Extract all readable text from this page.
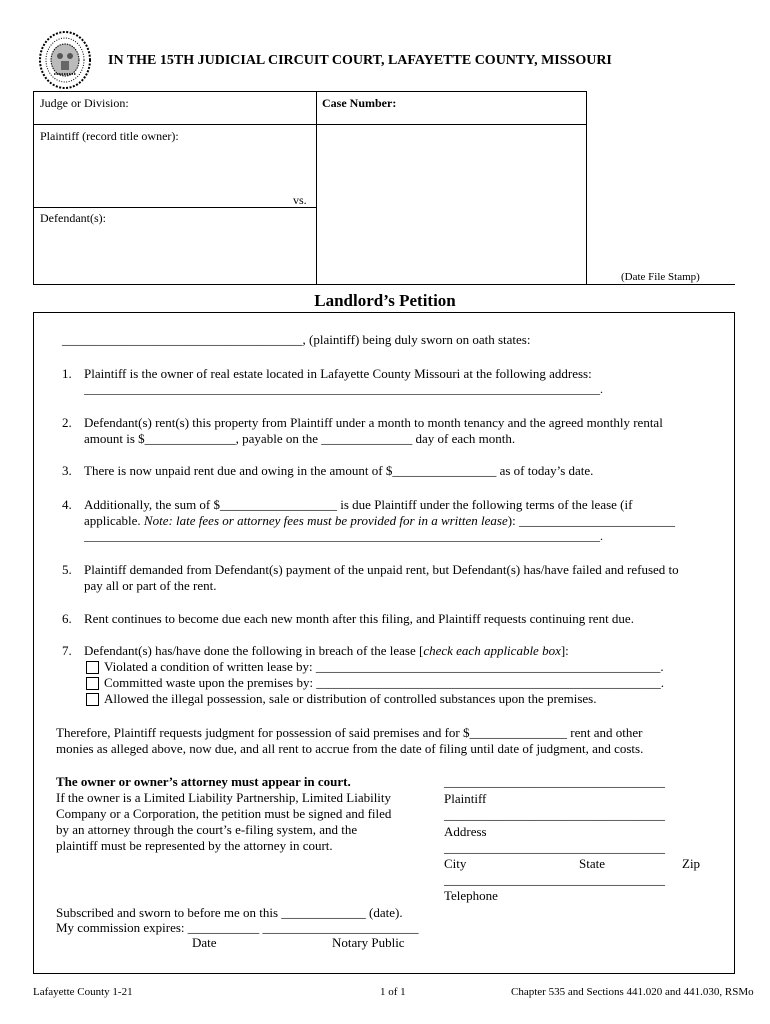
IN THE 15TH JUDICIAL CIRCUIT COURT, LAFAYETTE COUNTY, MISSOURI
Judge or Division:	Case Number:
Plaintiff (record title owner):
vs.
Defendant(s):
(Date File Stamp)
Landlord’s Petition
_____________________________________, (plaintiff) being duly sworn on oath states:
1. Plaintiff is the owner of real estate located in Lafayette County Missouri at the following address:
______________________________________________________________________________________.
2. Defendant(s) rent(s) this property from Plaintiff under a month to month tenancy and the agreed monthly rental
amount is $______________, payable on the ______________ day of each month.
3. There is now unpaid rent due and owing in the amount of $________________ as of today’s date.
4. Additionally, the sum of $__________________ is due Plaintiff under the following terms of the lease (if
applicable. Note: late fees or attorney fees must be provided for in a written lease): ________________________
______________________________________________________________________________________.
5. Plaintiff demanded from Defendant(s) payment of the unpaid rent, but Defendant(s) has/have failed and refused to
pay all or part of the rent.
6. Rent continues to become due each new month after this filing, and Plaintiff requests continuing rent due.
7. Defendant(s) has/have done the following in breach of the lease [check each applicable box]:
Violated a condition of written lease by: _____________________________________________________.
Committed waste upon the premises by: _____________________________________________________.
Allowed the illegal possession, sale or distribution of controlled substances upon the premises.
Therefore, Plaintiff requests judgment for possession of said premises and for $_______________ rent and other
monies as alleged above, now due, and all rent to accrue from the date of filing until date of judgment, and costs.
The owner or owner’s attorney must appear in court.
If the owner is a Limited Liability Partnership, Limited Liability
Company or a Corporation, the petition must be signed and filed
by an attorney through the court’s e-filing system, and the
plaintiff must be represented by the attorney in court.
__________________________________
Plaintiff
__________________________________
Address
__________________________________
City	State	Zip
__________________________________
Telephone
Subscribed and sworn to before me on this _____________ (date).
My commission expires: ___________ ________________________
Date	Notary Public
Lafayette County 1-21	1 of 1	Chapter 535 and Sections 441.020 and 441.030, RSMo
